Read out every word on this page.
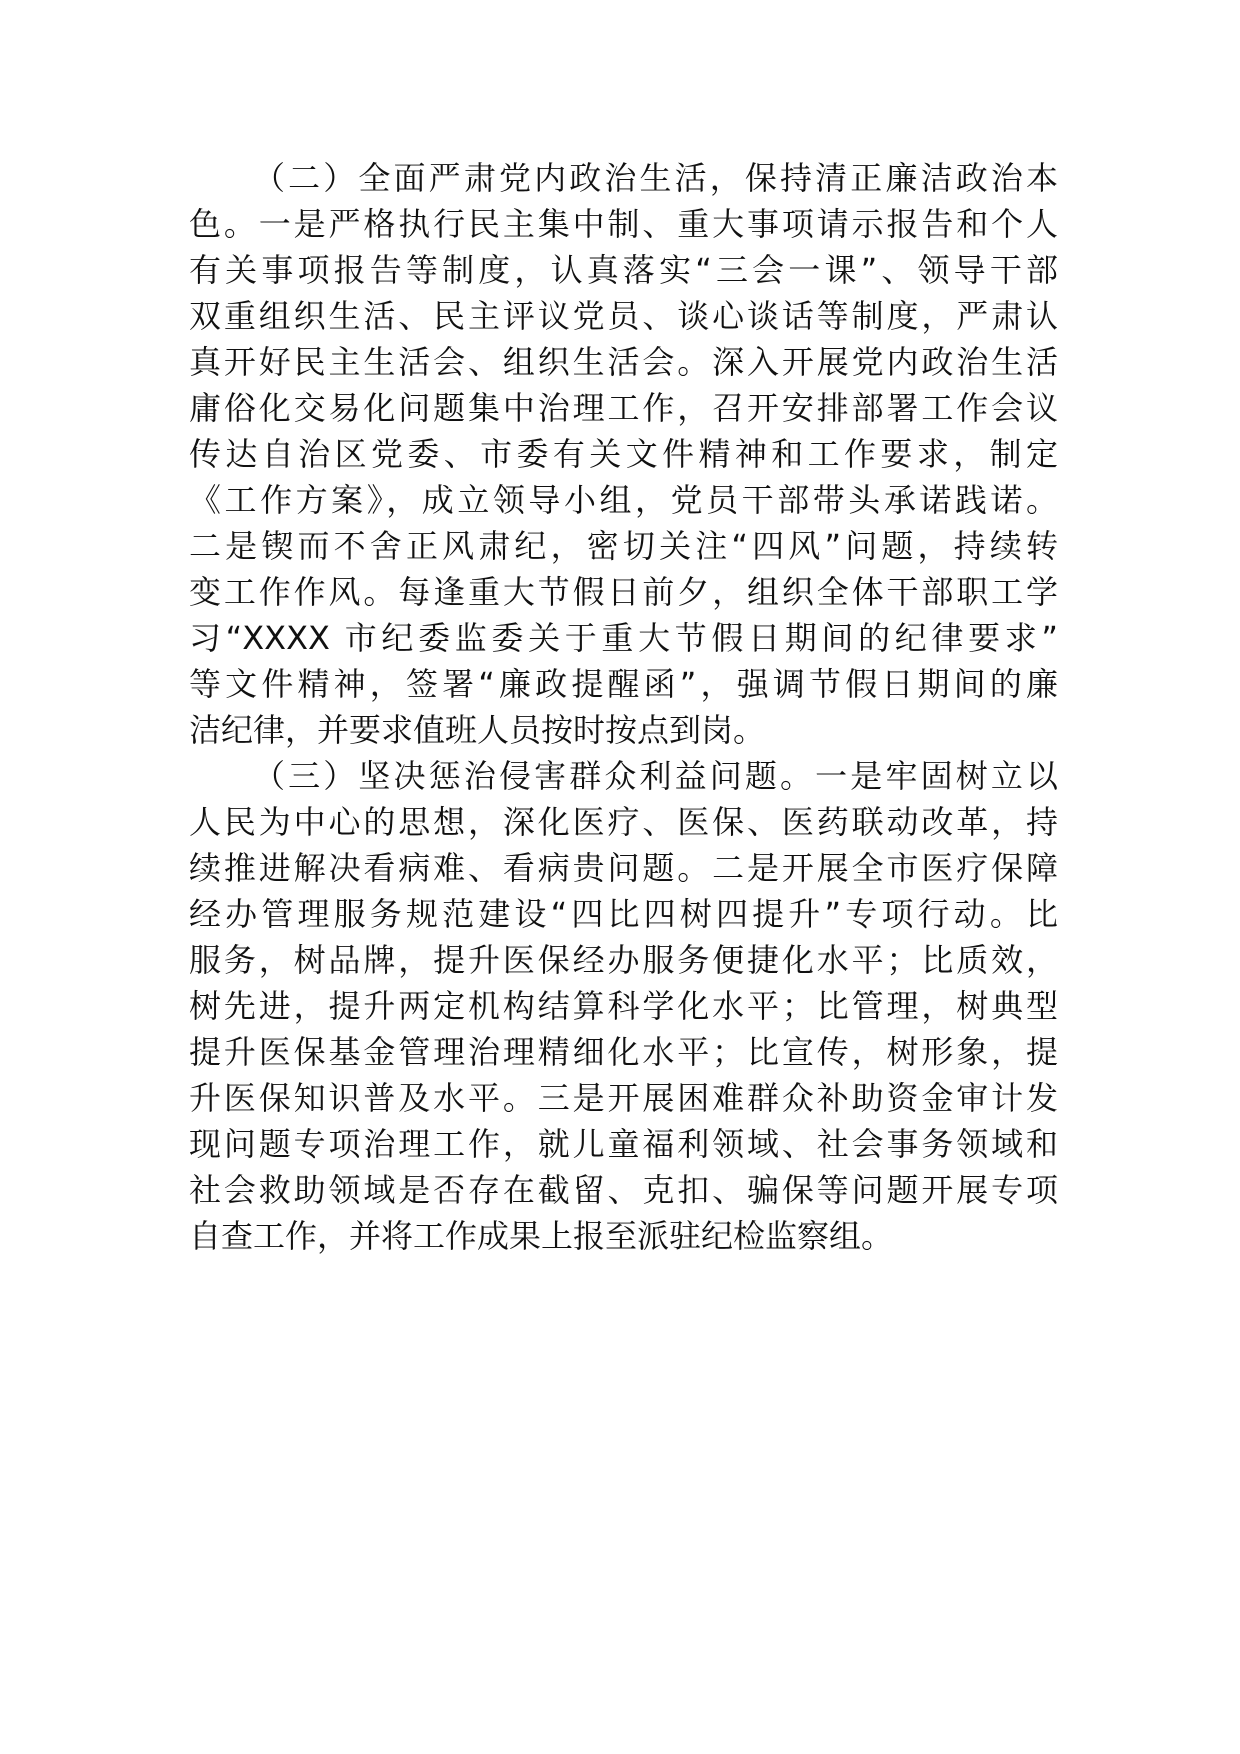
（二）全面严肃党内政治生活，保持清正廉洁政治本
色。一是严格执行民主集中制、重大事项请示报告和个人
有关事项报告等制度，认真落实“三会一课”、领导干部
双重组织生活、民主评议党员、谈心谈话等制度，严肃认
真开好民主生活会、组织生活会。深入开展党内政治生活
庸俗化交易化问题集中治理工作，召开安排部署工作会议
传达自治区党委、市委有关文件精神和工作要求，制定
《工作方案》，成立领导小组，党员干部带头承诺践诺。
二是锲而不舍正风肃纪，密切关注“四风”问题，持续转
变工作作风。每逢重大节假日前夕，组织全体干部职工学
习“XXXX 市纪委监委关于重大节假日期间的纪律要求”
等文件精神，签署“廉政提醒函”，强调节假日期间的廉
洁纪律，并要求值班人员按时按点到岗。
（三）坚决惩治侵害群众利益问题。一是牢固树立以
人民为中心的思想，深化医疗、医保、医药联动改革，持
续推进解决看病难、看病贵问题。二是开展全市医疗保障
经办管理服务规范建设“四比四树四提升”专项行动。比
服务，树品牌，提升医保经办服务便捷化水平；比质效，
树先进，提升两定机构结算科学化水平；比管理，树典型
提升医保基金管理治理精细化水平；比宣传，树形象，提
升医保知识普及水平。三是开展困难群众补助资金审计发
现问题专项治理工作，就儿童福利领域、社会事务领域和
社会救助领域是否存在截留、克扣、骗保等问题开展专项
自查工作，并将工作成果上报至派驻纪检监察组。
